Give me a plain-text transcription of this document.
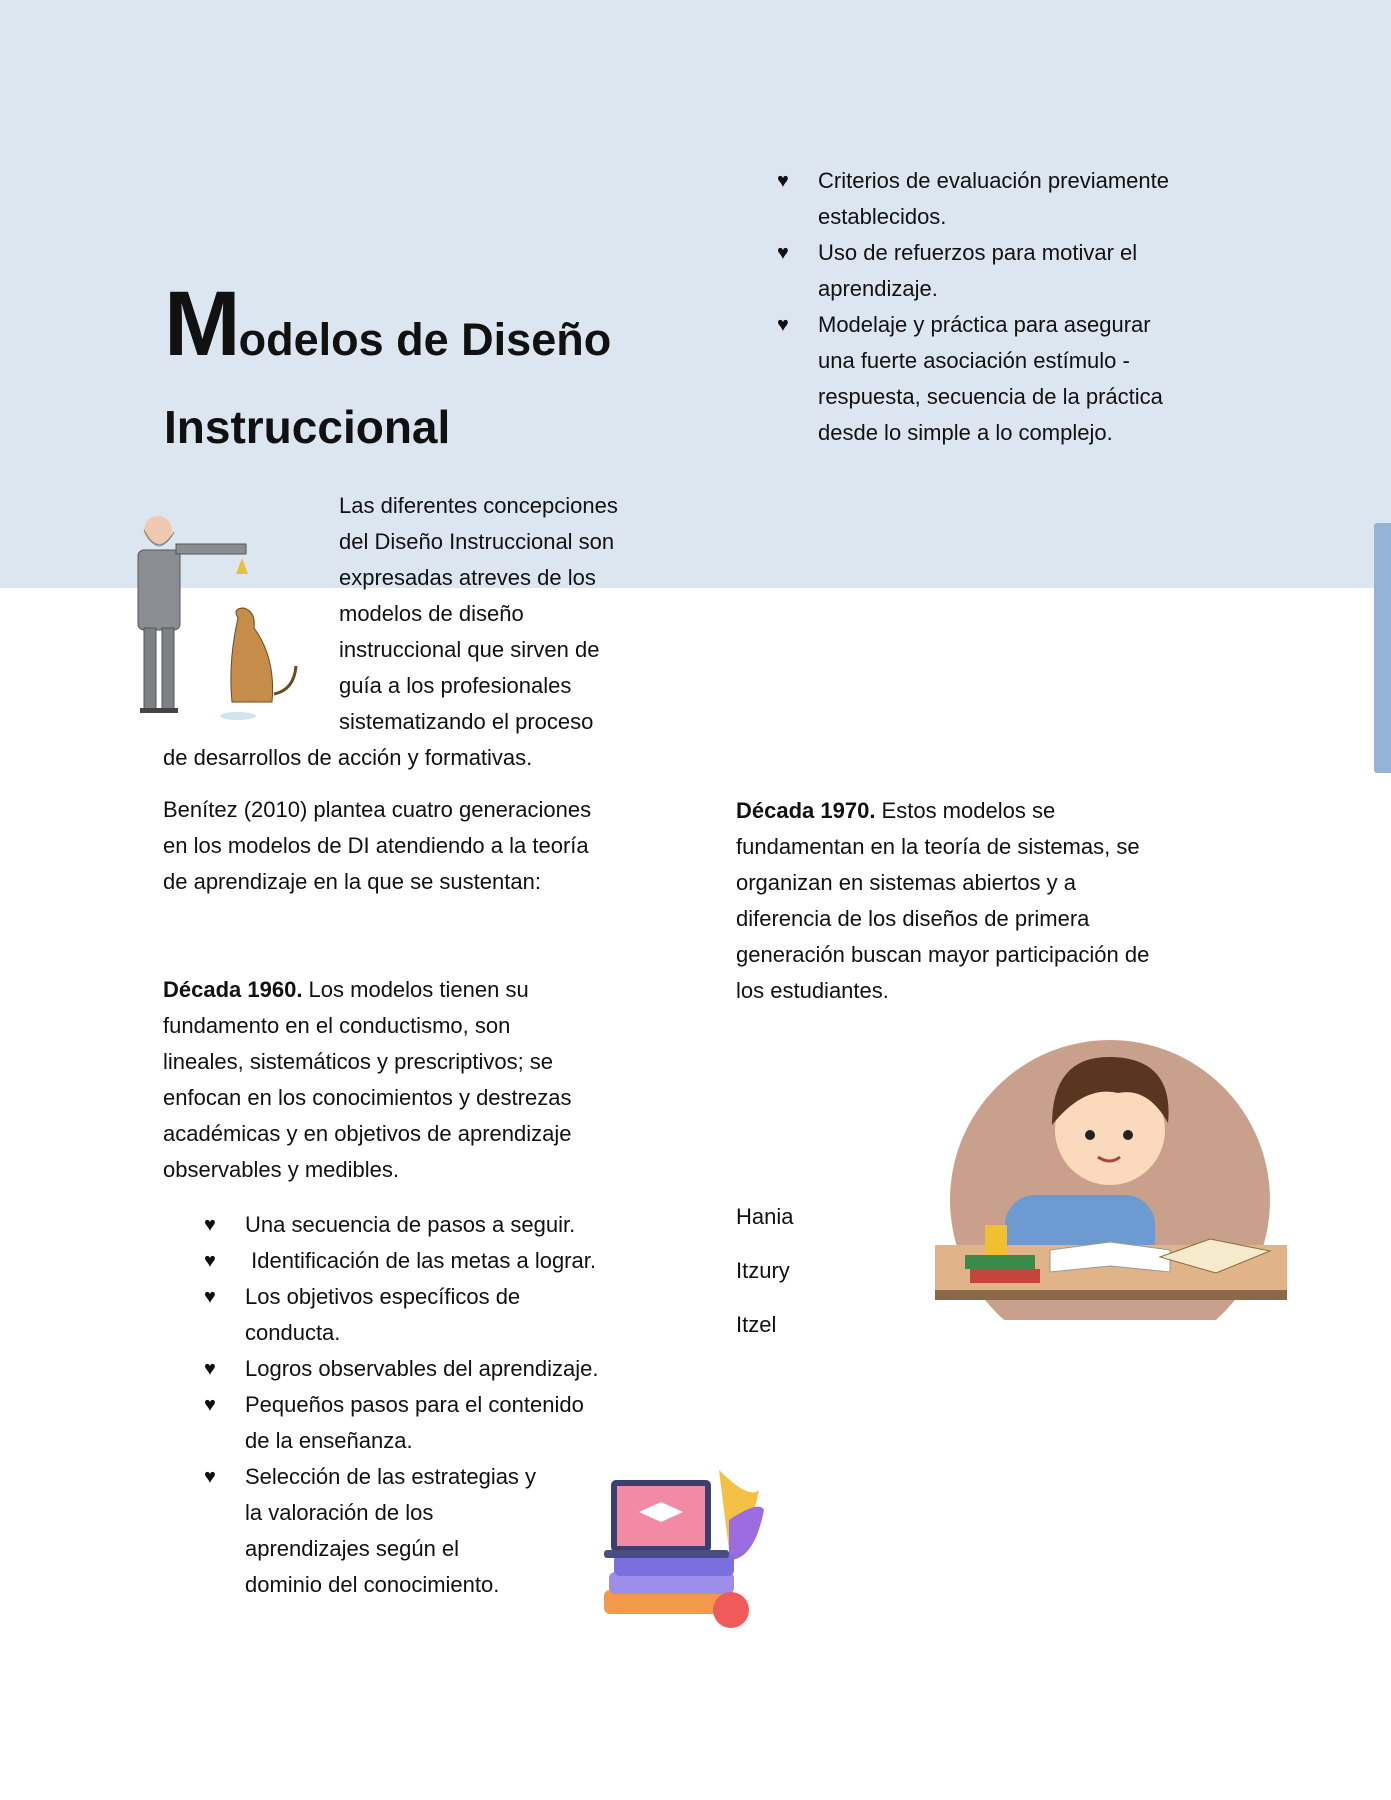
Modelos de Diseño
Instruccional
Las diferentes concepciones
del Diseño Instruccional son
expresadas atreves de los
modelos de diseño
instruccional que sirven de
guía a los profesionales
sistematizando el proceso
de desarrollos de acción y formativas.
Benítez (2010) plantea cuatro generaciones
en los modelos de DI atendiendo a la teoría
de aprendizaje en la que se sustentan:
Década 1960. Los modelos tienen su
fundamento en el conductismo, son
lineales, sistemáticos y prescriptivos; se
enfocan en los conocimientos y destrezas
académicas y en objetivos de aprendizaje
observables y medibles.
♥ Una secuencia de pasos a seguir.
♥ Identificación de las metas a lograr.
♥ Los objetivos específicos de
conducta.
♥ Logros observables del aprendizaje.
♥ Pequeños pasos para el contenido
de la enseñanza.
♥ Selección de las estrategias y
la valoración de los
aprendizajes según el
dominio del conocimiento.
♥ Criterios de evaluación previamente
establecidos.
♥ Uso de refuerzos para motivar el
aprendizaje.
♥ Modelaje y práctica para asegurar
una fuerte asociación estímulo -
respuesta, secuencia de la práctica
desde lo simple a lo complejo.
Década 1970. Estos modelos se
fundamentan en la teoría de sistemas, se
organizan en sistemas abiertos y a
diferencia de los diseños de primera
generación buscan mayor participación de
los estudiantes.
Hania
Itzury
Itzel
